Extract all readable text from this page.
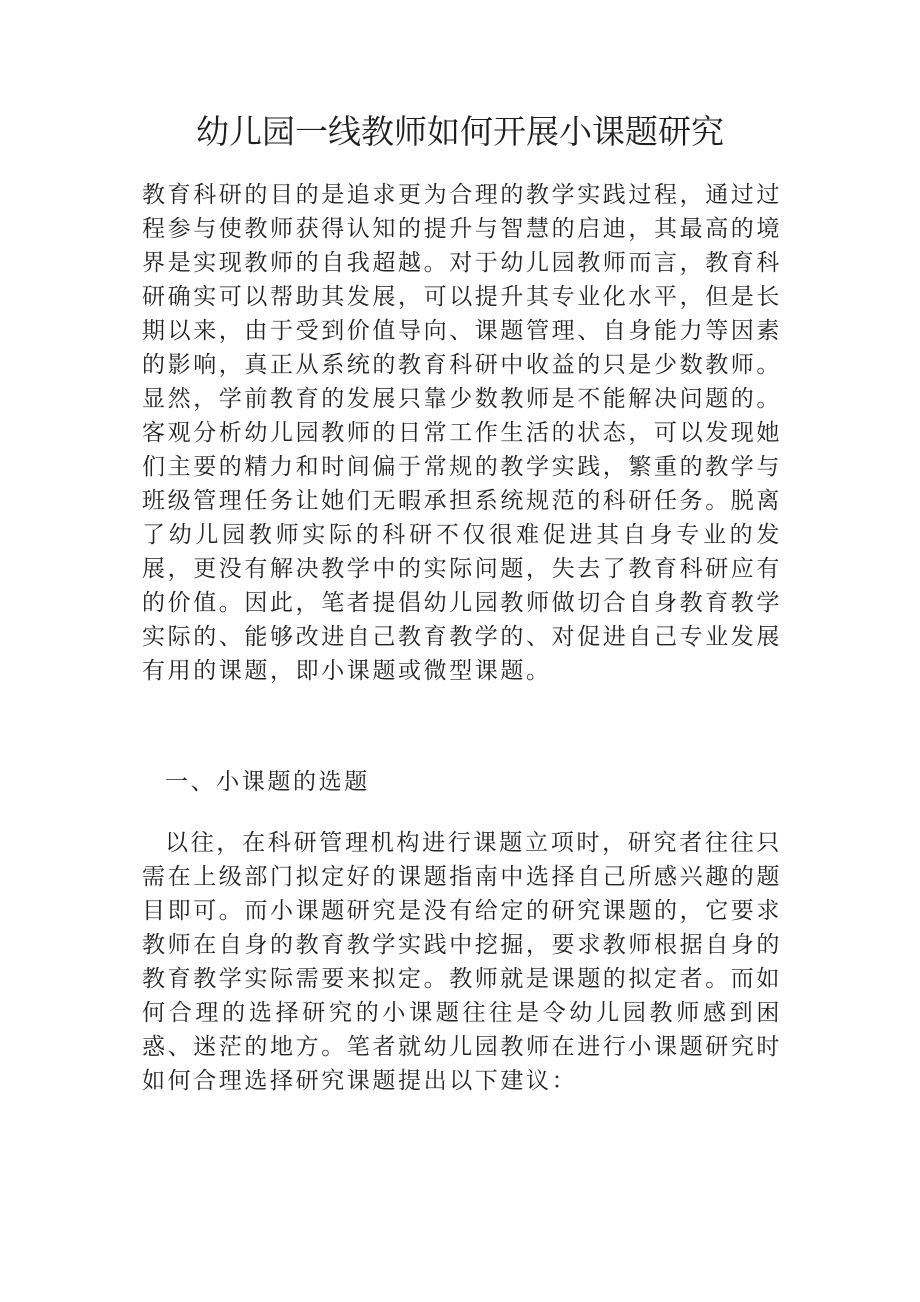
幼儿园一线教师如何开展小课题研究

教育科研的目的是追求更为合理的教学实践过程，通过过程参与使教师获得认知的提升与智慧的启迪，其最高的境界是实现教师的自我超越。对于幼儿园教师而言，教育科研确实可以帮助其发展，可以提升其专业化水平，但是长期以来，由于受到价值导向、课题管理、自身能力等因素的影响，真正从系统的教育科研中收益的只是少数教师。显然，学前教育的发展只靠少数教师是不能解决问题的。客观分析幼儿园教师的日常工作生活的状态，可以发现她们主要的精力和时间偏于常规的教学实践，繁重的教学与班级管理任务让她们无暇承担系统规范的科研任务。脱离了幼儿园教师实际的科研不仅很难促进其自身专业的发展，更没有解决教学中的实际问题，失去了教育科研应有的价值。因此，笔者提倡幼儿园教师做切合自身教育教学实际的、能够改进自己教育教学的、对促进自己专业发展有用的课题，即小课题或微型课题。

一、小课题的选题

以往，在科研管理机构进行课题立项时，研究者往往只需在上级部门拟定好的课题指南中选择自己所感兴趣的题目即可。而小课题研究是没有给定的研究课题的，它要求教师在自身的教育教学实践中挖掘，要求教师根据自身的教育教学实际需要来拟定。教师就是课题的拟定者。而如何合理的选择研究的小课题往往是令幼儿园教师感到困惑、迷茫的地方。笔者就幼儿园教师在进行小课题研究时如何合理选择研究课题提出以下建议：
